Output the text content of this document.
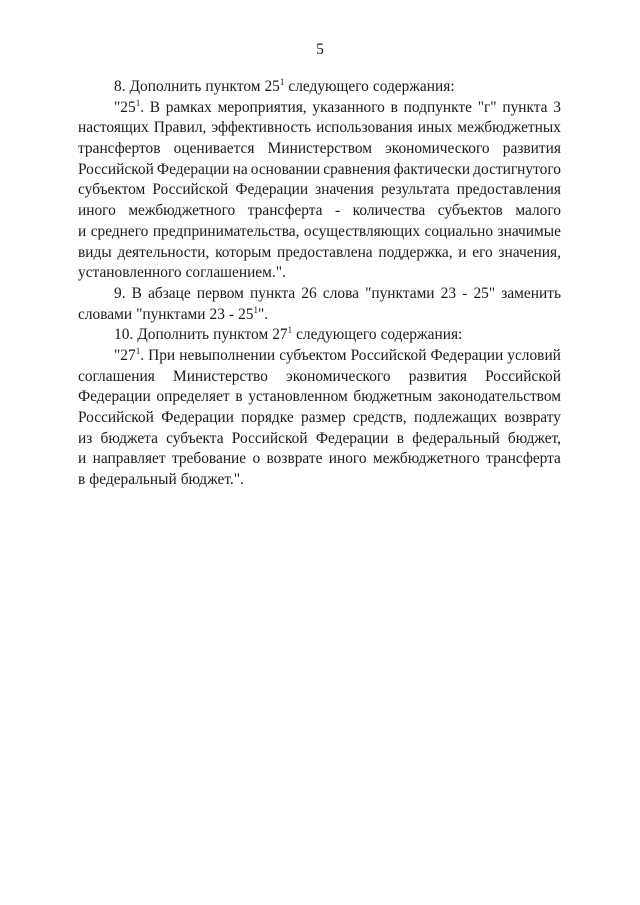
5
8. Дополнить пунктом $25^1$ следующего содержания:
"$25^1$. В рамках мероприятия, указанного в подпункте "г" пункта 3
настоящих Правил, эффективность использования иных межбюджетных
трансфертов оценивается Министерством экономического развития
Российской Федерации на основании сравнения фактически достигнутого
субъектом Российской Федерации значения результата предоставления
иного межбюджетного трансферта - количества субъектов малого
и среднего предпринимательства, осуществляющих социально значимые
виды деятельности, которым предоставлена поддержка, и его значения,
установленного соглашением.".
9. В абзаце первом пункта 26 слова "пунктами 23 - 25" заменить
словами "пунктами $23 - 25^1$".
10. Дополнить пунктом $27^1$ следующего содержания:
"$27^1$. При невыполнении субъектом Российской Федерации условий
соглашения Министерство экономического развития Российской
Федерации определяет в установленном бюджетным законодательством
Российской Федерации порядке размер средств, подлежащих возврату
из бюджета субъекта Российской Федерации в федеральный бюджет,
и направляет требование о возврате иного межбюджетного трансферта
в федеральный бюджет.".
